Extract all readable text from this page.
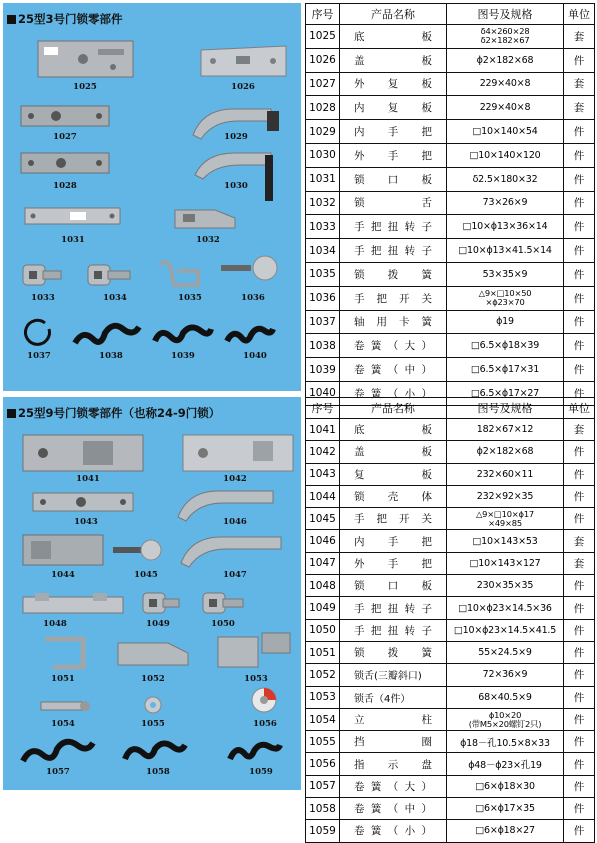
25型3号门锁零部件
1025	1026
1027	1029
1028	1030
1031	1032
1033	1034	1035	1036
1037	1038	1039	1040
25型9号门锁零部件（也称24-9门锁）
1041	1042
1043	1046
1044	1045	1047
1048	1049	1050
1051	1052	1053
1054	1055	1056
1057	1058	1059
序号	产品名称	图号及规格	单位
1025	底板	δ4×260×28
δ2×182×67	套
1026	盖板	ϕ2×182×68	件
1027	外复板	229×40×8	套
1028	内复板	229×40×8	套
1029	内手把	□10×140×54	件
1030	外手把	□10×140×120	件
1031	锁口板	δ2.5×180×32	件
1032	锁舌	73×26×9	件
1033	手把扭转子	□10×ϕ13×36×14	件
1034	手把扭转子	□10×ϕ13×41.5×14	件
1035	锁拨簧	53×35×9	件
1036	手把开关	△9×□10×50
×ϕ23×70	件
1037	轴用卡簧	ϕ19	件
1038	卷簧（大）	□6.5×ϕ18×39	件
1039	卷簧（中）	□6.5×ϕ17×31	件
1040	卷簧（小）	□6.5×ϕ17×27	件
序号	产品名称	图号及规格	单位
1041	底板	182×67×12	套
1042	盖板	ϕ2×182×68	件
1043	复板	232×60×11	件
1044	锁壳体	232×92×35	件
1045	手把开关	△9×□10×ϕ17
×49×85	件
1046	内手把	□10×143×53	套
1047	外手把	□10×143×127	套
1048	锁口板	230×35×35	件
1049	手把扭转子	□10×ϕ23×14.5×36	件
1050	手把扭转子	□10×ϕ23×14.5×41.5	件
1051	锁拨簧	55×24.5×9	件
1052	锁舌(三瓣斜口)	72×36×9	件
1053	锁舌（4件）	68×40.5×9	件
1054	立柱	ϕ10×20
(带M5×20螺钉2只)	件
1055	挡圈	ϕ18－孔10.5×8×33	件
1056	指示盘	ϕ48－ϕ23×孔19	件
1057	卷簧（大）	□6×ϕ18×30	件
1058	卷簧（中）	□6×ϕ17×35	件
1059	卷簧（小）	□6×ϕ18×27	件
